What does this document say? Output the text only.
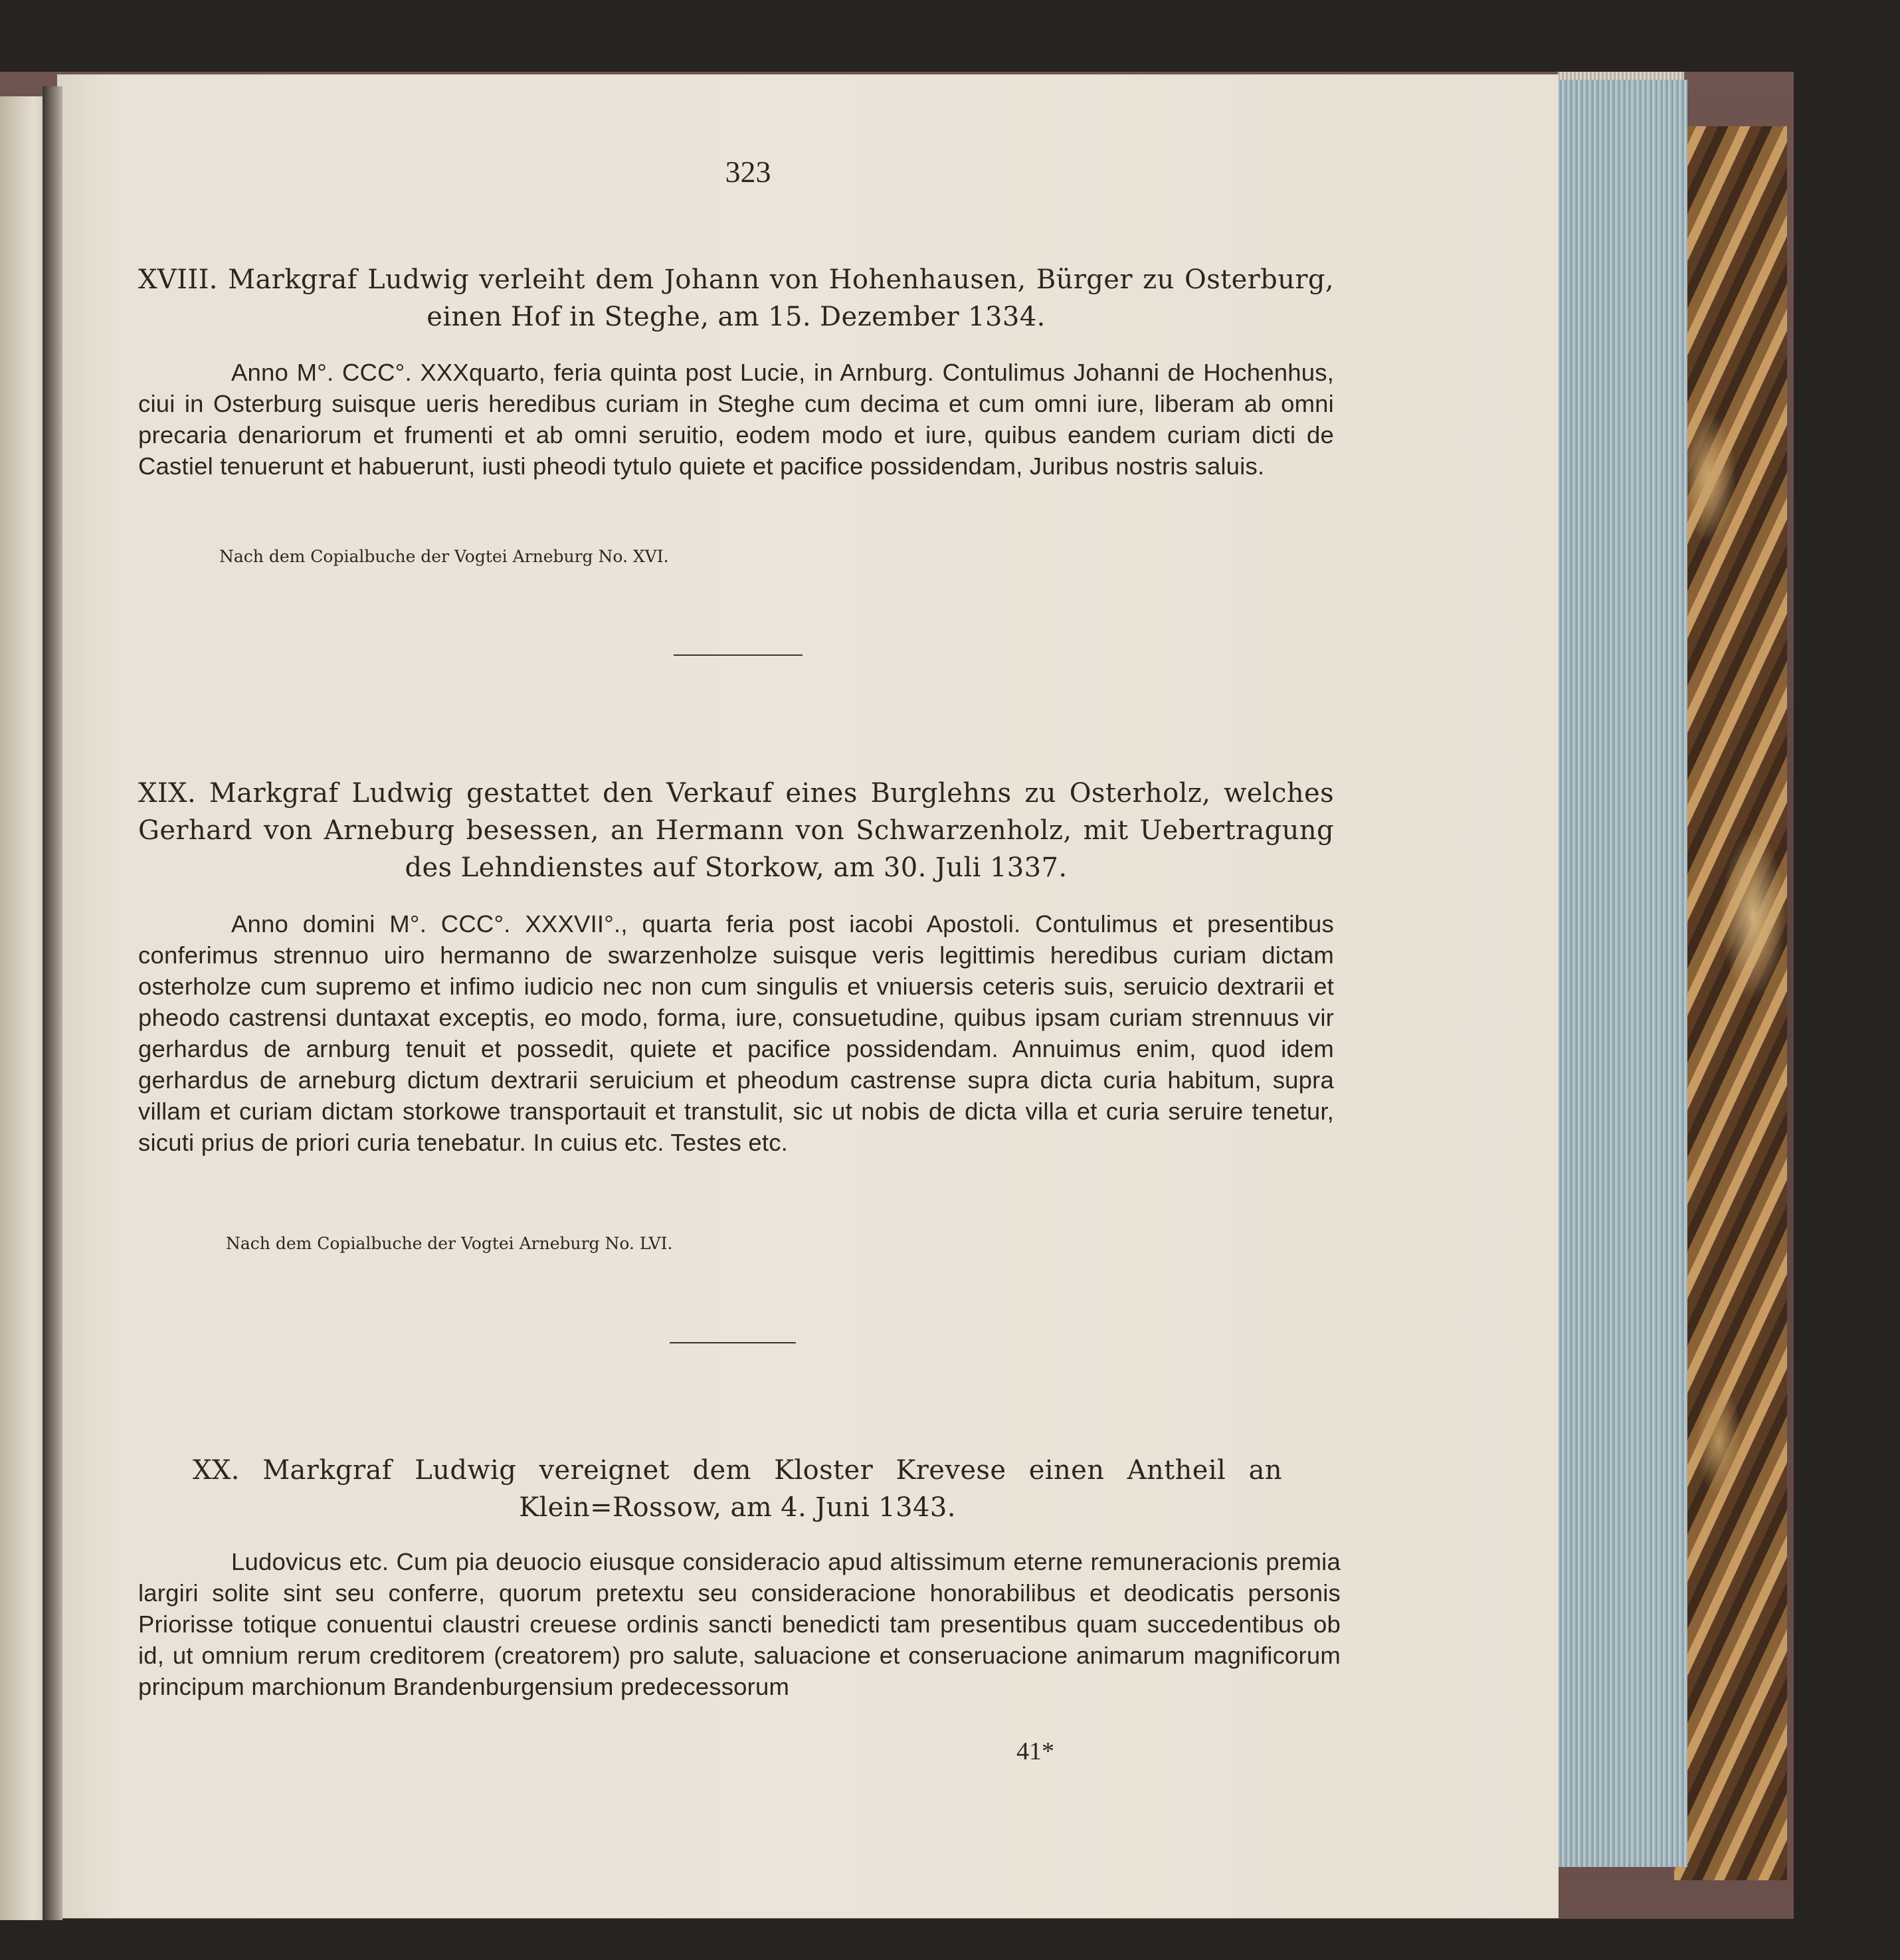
323
XVIII. Markgraf Ludwig verleiht dem Johann von Hohenhausen, Bürger zu Osterburg, einen Hof in Steghe, am 15. Dezember 1334.
Anno M°. CCC°. XXXquarto, feria quinta post Lucie, in Arnburg. Contulimus Johanni de Hochenhus, ciui in Osterburg suisque ueris heredibus curiam in Steghe cum decima et cum omni iure, liberam ab omni precaria denariorum et frumenti et ab omni seruitio, eodem modo et iure, quibus eandem curiam dicti de Castiel tenuerunt et habuerunt, iusti pheodi tytulo quiete et pacifice possidendam, Juribus nostris saluis.
Nach dem Copialbuche der Vogtei Arneburg No. XVI.
XIX. Markgraf Ludwig gestattet den Verkauf eines Burglehns zu Osterholz, welches Gerhard von Arneburg besessen, an Hermann von Schwarzenholz, mit Uebertragung des Lehndienstes auf Storkow, am 30. Juli 1337.
Anno domini M°. CCC°. XXXVII°., quarta feria post iacobi Apostoli. Contulimus et presentibus conferimus strennuo uiro hermanno de swarzenholze suisque veris legittimis heredibus curiam dictam osterholze cum supremo et infimo iudicio nec non cum singulis et vniuersis ceteris suis, seruicio dextrarii et pheodo castrensi duntaxat exceptis, eo modo, forma, iure, consuetudine, quibus ipsam curiam strennuus vir gerhardus de arnburg tenuit et possedit, quiete et pacifice possidendam. Annuimus enim, quod idem gerhardus de arneburg dictum dextrarii seruicium et pheodum castrense supra dicta curia habitum, supra villam et curiam dictam storkowe transportauit et transtulit, sic ut nobis de dicta villa et curia seruire tenetur, sicuti prius de priori curia tenebatur. In cuius etc. Testes etc.
Nach dem Copialbuche der Vogtei Arneburg No. LVI.
XX. Markgraf Ludwig vereignet dem Kloster Krevese einen Antheil an Klein=Rossow, am 4. Juni 1343.
Ludovicus etc. Cum pia deuocio eiusque consideracio apud altissimum eterne remuneracionis premia largiri solite sint seu conferre, quorum pretextu seu consideracione honorabilibus et deodicatis personis Priorisse totique conuentui claustri creuese ordinis sancti benedicti tam presentibus quam succedentibus ob id, ut omnium rerum creditorem (creatorem) pro salute, saluacione et conseruacione animarum magnificorum principum marchionum Brandenburgensium predecessorum
41*
